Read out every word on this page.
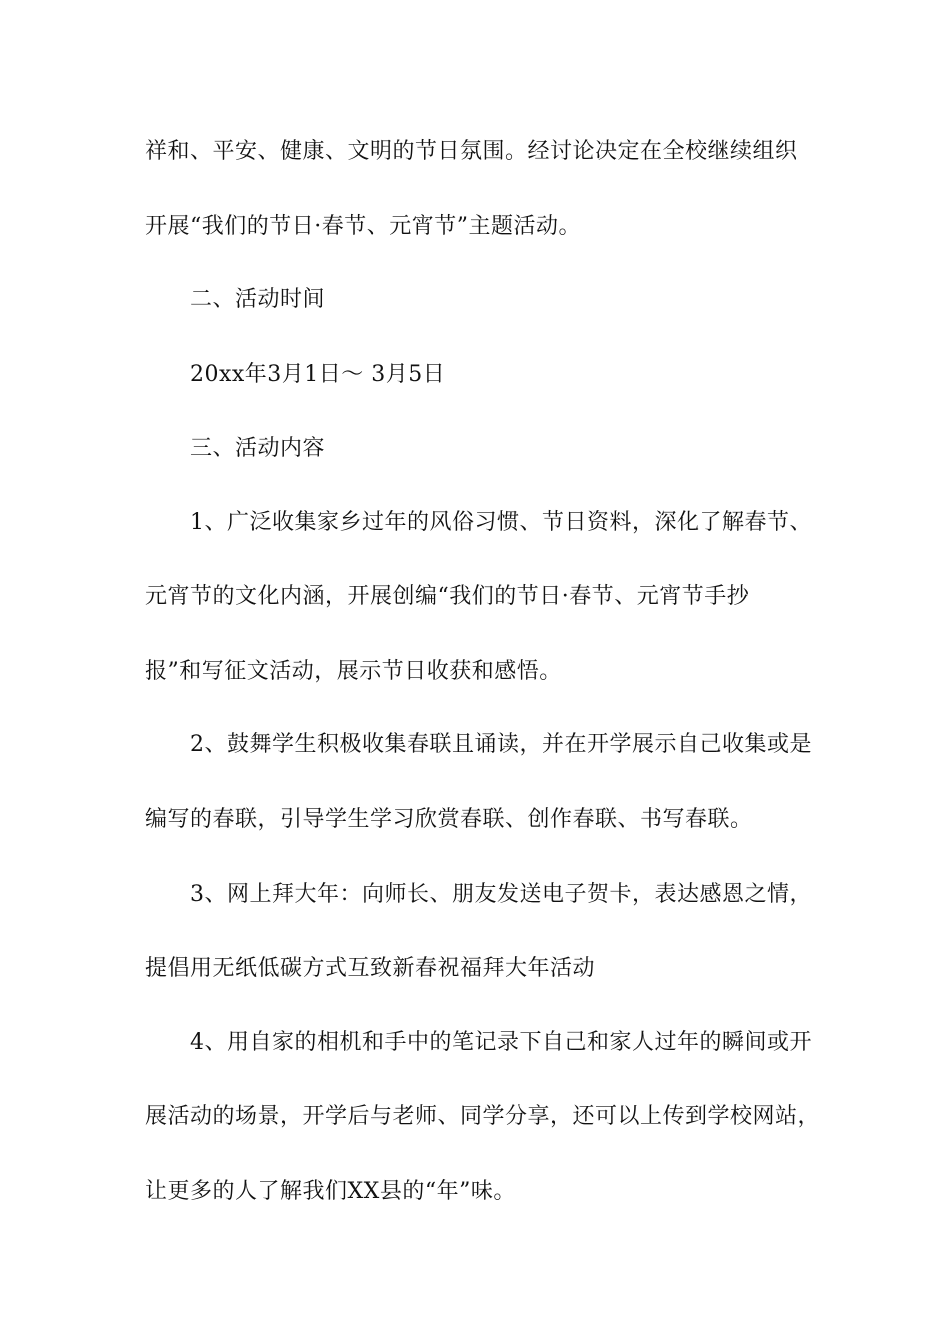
祥和、平安、健康、文明的节日氛围。经讨论决定在全校继续组织
开展“我们的节日·春节、元宵节”主题活动。
二、活动时间
20xx年3月1日～ 3月5日
三、活动内容
1、广泛收集家乡过年的风俗习惯、节日资料，深化了解春节、
元宵节的文化内涵，开展创编“我们的节日·春节、元宵节手抄
报”和写征文活动，展示节日收获和感悟。
2、鼓舞学生积极收集春联且诵读，并在开学展示自己收集或是
编写的春联，引导学生学习欣赏春联、创作春联、书写春联。
3、网上拜大年：向师长、朋友发送电子贺卡，表达感恩之情，
提倡用无纸低碳方式互致新春祝福拜大年活动
4、用自家的相机和手中的笔记录下自己和家人过年的瞬间或开
展活动的场景，开学后与老师、同学分享，还可以上传到学校网站，
让更多的人了解我们XX县的“年”味。
